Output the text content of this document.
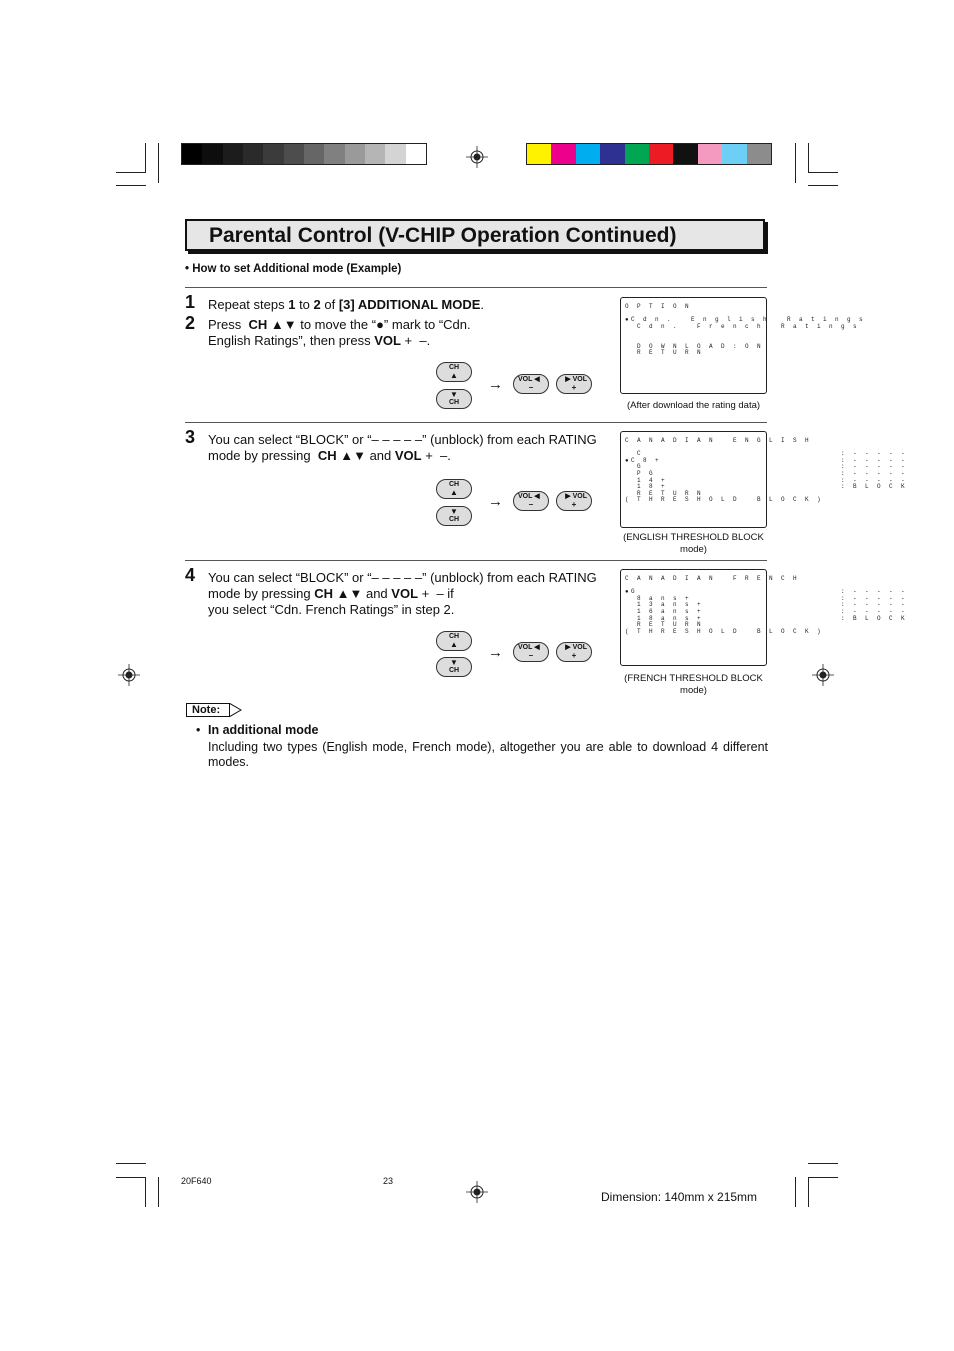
Parental Control (V-CHIP Operation Continued)
• How to set Additional mode (Example)
1
2
Repeat steps 1 to 2 of [3] ADDITIONAL MODE.
Press  CH ▲▼ to move the “●” mark to “Cdn.
English Ratings”, then press VOL +  –.
O P T I O N

●C d n .   E n g l i s h   R a t i n g s
C d n .   F r e n c h   R a t i n g s

D O W N L O A D : O N
R E T U R N
(After download the rating data)
CH
▲
▼
CH
→	VOL ◀
–
▶ VOL
+
3 You can select “BLOCK” or “– – – – –” (unblock) from each RATING
mode by pressing  CH ▲▼ and VOL +  –.
C A N A D I A N   E N G L I S H

C                                 : - - - - -
●C 8 +                              : - - - - -
G                                 : - - - - -
P G                               : - - - - -
1 4 +                             : - - - - -
1 8 +                             : B L O C K
R E T U R N
( T H R E S H O L D   B L O C K )
(ENGLISH THRESHOLD BLOCK
mode)
CH
▲
▼
CH
→	VOL ◀
–
▶ VOL
+
4 You can select “BLOCK” or “– – – – –” (unblock) from each RATING
mode by pressing CH ▲▼ and VOL +  – if
you select “Cdn. French Ratings” in step 2.
C A N A D I A N   F R E N C H

●G                                  : - - - - -
8 a n s +                         : - - - - -
1 3 a n s +                       : - - - - -
1 6 a n s +                       : - - - - -
1 8 a n s +                       : B L O C K
R E T U R N
( T H R E S H O L D   B L O C K )
(FRENCH THRESHOLD BLOCK
mode)
CH
▲
▼
CH
→	VOL ◀
–
▶ VOL
+
Note:
• In additional mode
Including two types (English mode, French mode), altogether you are able to download 4 different modes.
20F640	23
Dimension: 140mm x 215mm
